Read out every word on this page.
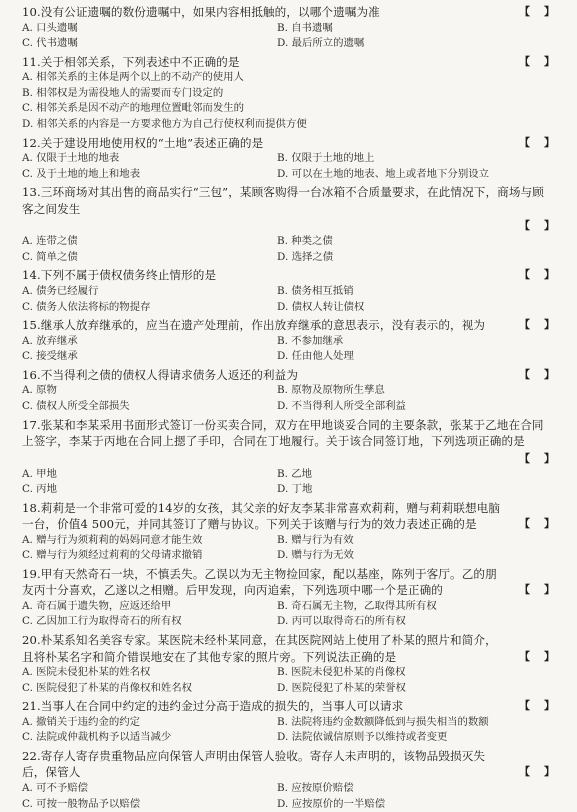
10.没有公证遗嘱的数份遗嘱中，如果内容相抵触的，以哪个遗嘱为准	【】
A. 口头遗嘱	B. 自书遗嘱
C. 代书遗嘱	D. 最后所立的遗嘱
11.关于相邻关系，下列表述中不正确的是	【】
A. 相邻关系的主体是两个以上的不动产的使用人
B. 相邻权是为需役地人的需要而专门设定的
C. 相邻关系是因不动产的地理位置毗邻而发生的
D. 相邻关系的内容是一方要求他方为自己行使权利而提供方便
12.关于建设用地使用权的“土地”表述正确的是	【】
A. 仅限于土地的地表	B. 仅限于土地的地上
C. 及于土地的地上和地表	D. 可以在土地的地表、地上或者地下分别设立
13.三环商场对其出售的商品实行“三包”，某顾客购得一台冰箱不合质量要求，在此情况下，商场与顾客之间发生
【】
A. 连带之债	B. 种类之债
C. 简单之债	D. 选择之债
14.下列不属于债权债务终止情形的是	【】
A. 债务已经履行	B. 债务相互抵销
C. 债务人依法将标的物提存	D. 债权人转让债权
15.继承人放弃继承的，应当在遗产处理前，作出放弃继承的意思表示，没有表示的，视为	【】
A. 放弃继承	B. 不参加继承
C. 接受继承	D. 任由他人处理
16.不当得利之债的债权人得请求债务人返还的利益为	【】
A. 原物	B. 原物及原物所生孳息
C. 债权人所受全部损失	D. 不当得利人所受全部利益
17.张某和李某采用书面形式签订一份买卖合同，双方在甲地谈妥合同的主要条款，张某于乙地在合同上签字，李某于丙地在合同上摁了手印，合同在丁地履行。关于该合同签订地，下列选项正确的是
【】
A. 甲地	B. 乙地
C. 丙地	D. 丁地
18.莉莉是一个非常可爱的14岁的女孩，其父亲的好友李某非常喜欢莉莉，赠与莉莉联想电脑一台，价值4 500元，并同其签订了赠与协议。下列关于该赠与行为的效力表述正确的是	【】
A. 赠与行为须莉莉的妈妈同意才能生效	B. 赠与行为有效
C. 赠与行为须经过莉莉的父母请求撤销	D. 赠与行为无效
19.甲有天然奇石一块，不慎丢失。乙误以为无主物捡回家，配以基座，陈列于客厅。乙的朋友丙十分喜欢，乙遂以之相赠。后甲发现，向丙追索，下列选项中哪一个是正确的	【】
A. 奇石属于遗失物，应返还给甲	B. 奇石属无主物，乙取得其所有权
C. 乙因加工行为取得奇石的所有权	D. 丙可以取得奇石的所有权
20.朴某系知名美容专家。某医院未经朴某同意，在其医院网站上使用了朴某的照片和简介，且将朴某名字和简介错误地安在了其他专家的照片旁。下列说法正确的是	【】
A. 医院未侵犯朴某的姓名权	B. 医院未侵犯朴某的肖像权
C. 医院侵犯了朴某的肖像权和姓名权	D. 医院侵犯了朴某的荣誉权
21.当事人在合同中约定的违约金过分高于造成的损失的，当事人可以请求	【】
A. 撤销关于违约金的约定	B. 法院将违约金数额降低到与损失相当的数额
C. 法院或仲裁机构予以适当减少	D. 法院依诚信原则予以维持或者变更
22.寄存人寄存贵重物品应向保管人声明由保管人验收。寄存人未声明的，该物品毁损灭失后，保管人	【】
A. 可不予赔偿	B. 应按原价赔偿
C. 可按一般物品予以赔偿	D. 应按原价的一半赔偿
